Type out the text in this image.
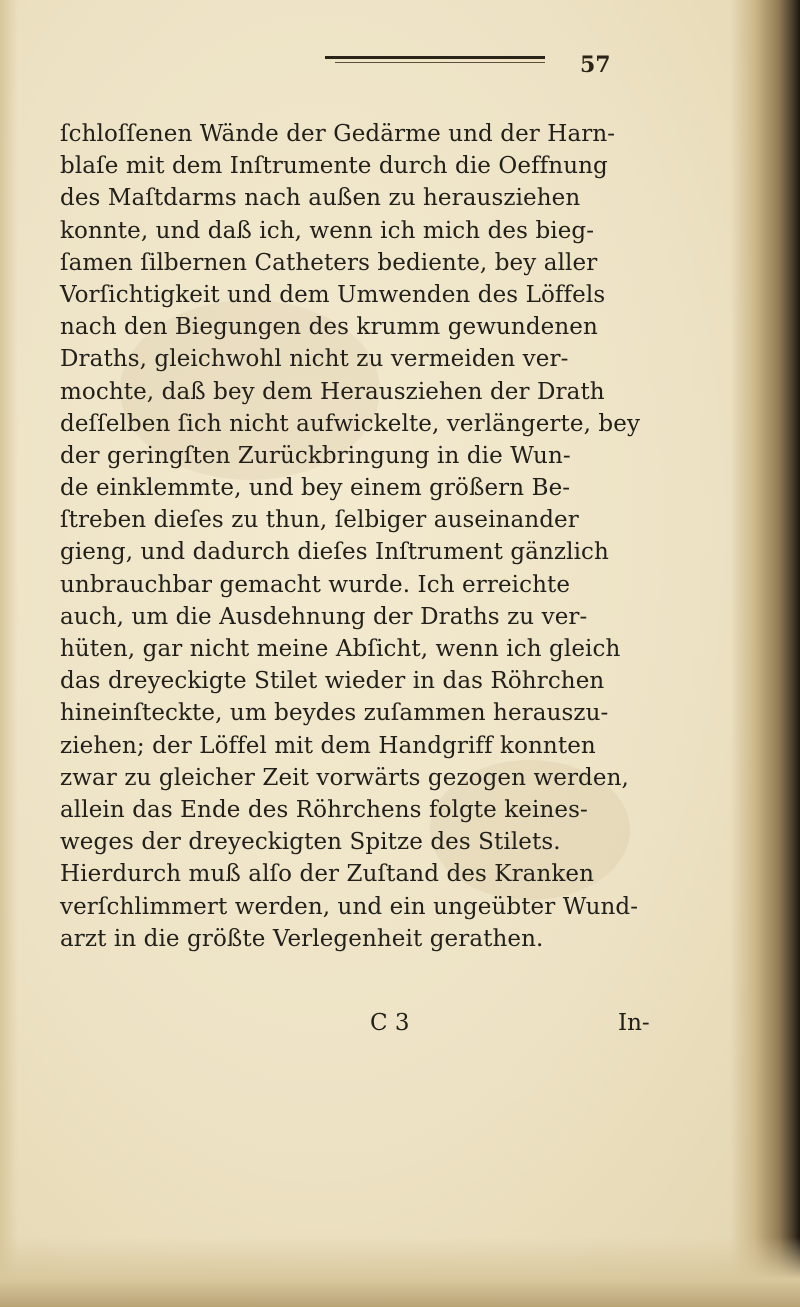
57
ſchloſſenen Wände der Gedärme und der Harn-
blaſe mit dem Inſtrumente durch die Oeffnung
des Maſtdarms nach außen zu herausziehen
konnte, und daß ich, wenn ich mich des bieg-
ſamen ſilbernen Catheters bediente, bey aller
Vorſichtigkeit und dem Umwenden des Löffels
nach den Biegungen des krumm gewundenen
Draths, gleichwohl nicht zu vermeiden ver-
mochte, daß bey dem Herausziehen der Drath
deſſelben ſich nicht aufwickelte, verlängerte, bey
der geringſten Zurückbringung in die Wun-
de einklemmte, und bey einem größern Be-
ſtreben dieſes zu thun, ſelbiger auseinander
gieng, und dadurch dieſes Inſtrument gänzlich
unbrauchbar gemacht wurde. Ich erreichte
auch, um die Ausdehnung der Draths zu ver-
hüten, gar nicht meine Abſicht, wenn ich gleich
das dreyeckigte Stilet wieder in das Röhrchen
hineinſteckte, um beydes zuſammen herauszu-
ziehen; der Löffel mit dem Handgriff konnten
zwar zu gleicher Zeit vorwärts gezogen werden,
allein das Ende des Röhrchens folgte keines-
weges der dreyeckigten Spitze des Stilets.
Hierdurch muß alſo der Zuſtand des Kranken
verſchlimmert werden, und ein ungeübter Wund-
arzt in die größte Verlegenheit gerathen.
C 3	In-
